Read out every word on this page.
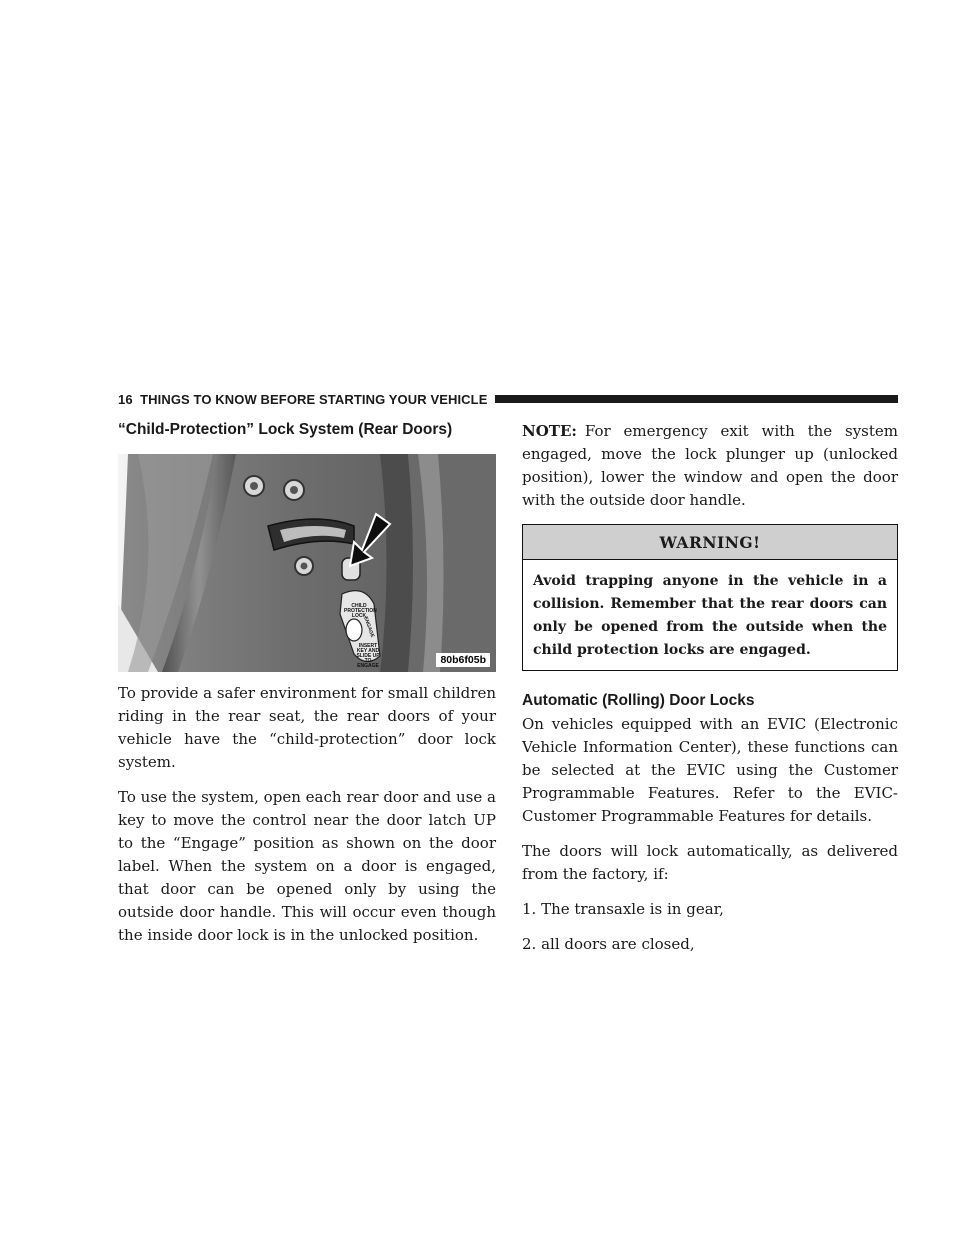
16 THINGS TO KNOW BEFORE STARTING YOUR VEHICLE
“Child-Protection” Lock System (Rear Doors)
CHILD PROTECTION LOCK
ENGAGE
INSERT KEY AND SLIDE UP TO ENGAGE	80b6f05b

To provide a safer environment for small children riding in the rear seat, the rear doors of your vehicle have the “child-protection” door lock system.

To use the system, open each rear door and use a key to move the control near the door latch UP to the “Engage” position as shown on the door label. When the system on a door is engaged, that door can be opened only by using the outside door handle. This will occur even though the inside door lock is in the unlocked position.

NOTE: For emergency exit with the system engaged, move the lock plunger up (unlocked position), lower the window and open the door with the outside door handle.

WARNING!
Avoid trapping anyone in the vehicle in a collision. Remember that the rear doors can only be opened from the outside when the child protection locks are engaged.
Automatic (Rolling) Door Locks

On vehicles equipped with an EVIC (Electronic Vehicle Information Center), these functions can be selected at the EVIC using the Customer Programmable Features. Refer to the EVIC-Customer Programmable Features for details.

The doors will lock automatically, as delivered from the factory, if:

1. The transaxle is in gear,

2. all doors are closed,
